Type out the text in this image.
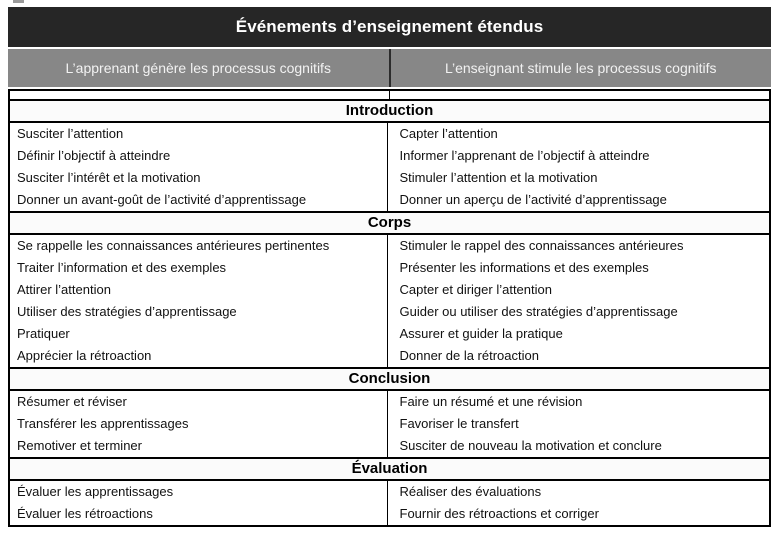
Événements d’enseignement étendus
L’apprenant génère les processus cognitifs	L’enseignant stimule les processus cognitifs
Introduction
Susciter l’attention	Capter l’attention
Définir l’objectif à atteindre	Informer l’apprenant de l’objectif à atteindre
Susciter l’intérêt et la motivation	Stimuler l’attention et la motivation
Donner un avant-goût de l’activité d’apprentissage	Donner un aperçu de l’activité d’apprentissage
Corps
Se rappelle les connaissances antérieures pertinentes	Stimuler le rappel des connaissances antérieures
Traiter l’information et des exemples	Présenter les informations et des exemples
Attirer l’attention	Capter et diriger l’attention
Utiliser des stratégies d’apprentissage	Guider ou utiliser des stratégies d’apprentissage
Pratiquer	Assurer et guider la pratique
Apprécier la rétroaction	Donner de la rétroaction
Conclusion
Résumer et réviser	Faire un résumé et une révision
Transférer les apprentissages	Favoriser le transfert
Remotiver et terminer	Susciter de nouveau la motivation et conclure
Évaluation
Évaluer les apprentissages	Réaliser des évaluations
Évaluer les rétroactions	Fournir des rétroactions et corriger
